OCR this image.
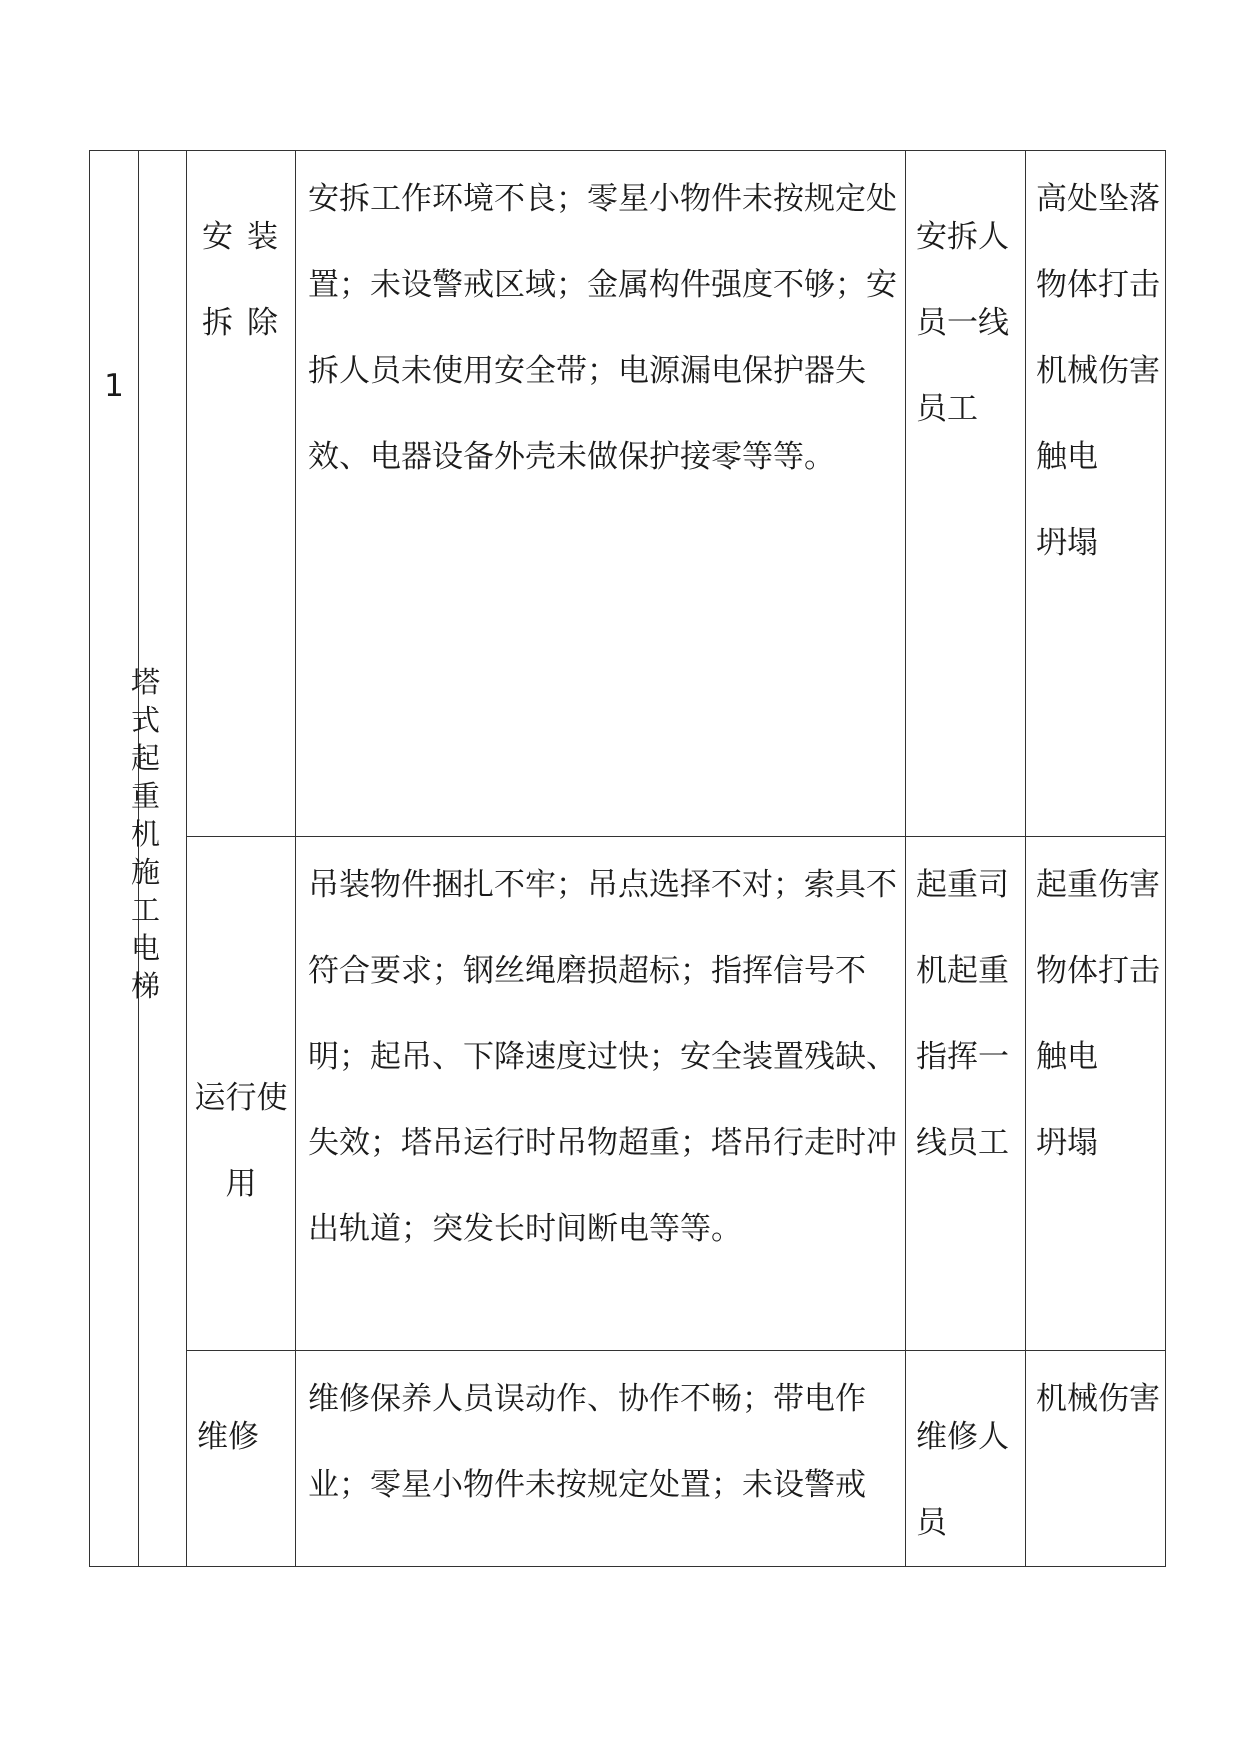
1	塔式起重机施工电梯	安装拆除	安拆工作环境不良；零星小物件未按规定处置；未设警戒区域；金属构件强度不够；安拆人员未使用安全带；电源漏电保护器失效、电器设备外壳未做保护接零等等。	安拆人员一线员工	高处坠落
物体打击
机械伤害
触电
坍塌

		运行使用	吊装物件捆扎不牢；吊点选择不对；索具不符合要求；钢丝绳磨损超标；指挥信号不明；起吊、下降速度过快；安全装置残缺、失效；塔吊运行时吊物超重；塔吊行走时冲出轨道；突发长时间断电等等。	起重司机起重指挥一线员工	起重伤害
物体打击
触电
坍塌

		维修	维修保养人员误动作、协作不畅；带电作业；零星小物件未按规定处置；未设警戒	维修人员	机械伤害
